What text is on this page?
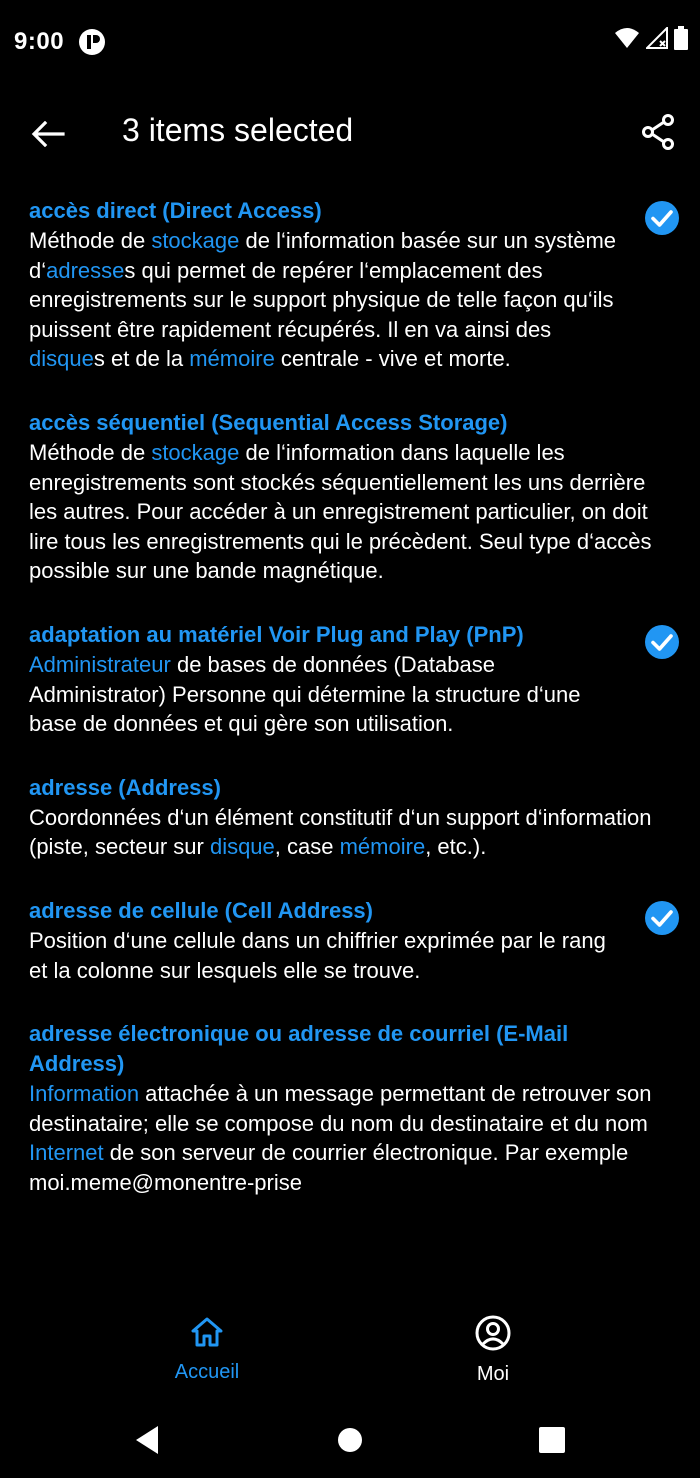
9:00
3 items selected
accès direct (Direct Access)
Méthode de stockage de l‘information basée sur un système d‘adresses qui permet de repérer l‘emplacement des enregistrements sur le support physique de telle façon qu‘ils puissent être rapidement récupérés. Il en va ainsi des disques et de la mémoire centrale - vive et morte.
accès séquentiel (Sequential Access Storage)
Méthode de stockage de l‘information dans laquelle les enregistrements sont stockés séquentiellement les uns derrière les autres. Pour accéder à un enregistrement particulier, on doit lire tous les enregistrements qui le précèdent. Seul type d‘accès possible sur une bande magnétique.
adaptation au matériel Voir Plug and Play (PnP)
Administrateur de bases de données (Database Administrator) Personne qui détermine la structure d‘une base de données et qui gère son utilisation.
adresse (Address)
Coordonnées d‘un élément constitutif d‘un support d‘information (piste, secteur sur disque, case mémoire, etc.).
adresse de cellule (Cell Address)
Position d‘une cellule dans un chiffrier exprimée par le rang et la colonne sur lesquels elle se trouve.
adresse électronique ou adresse de courriel (E-Mail Address)
Information attachée à un message permettant de retrouver son destinataire; elle se compose du nom du destinataire et du nom Internet de son serveur de courrier électronique. Par exemple moi.meme@monentre-prise
Accueil	Moi
